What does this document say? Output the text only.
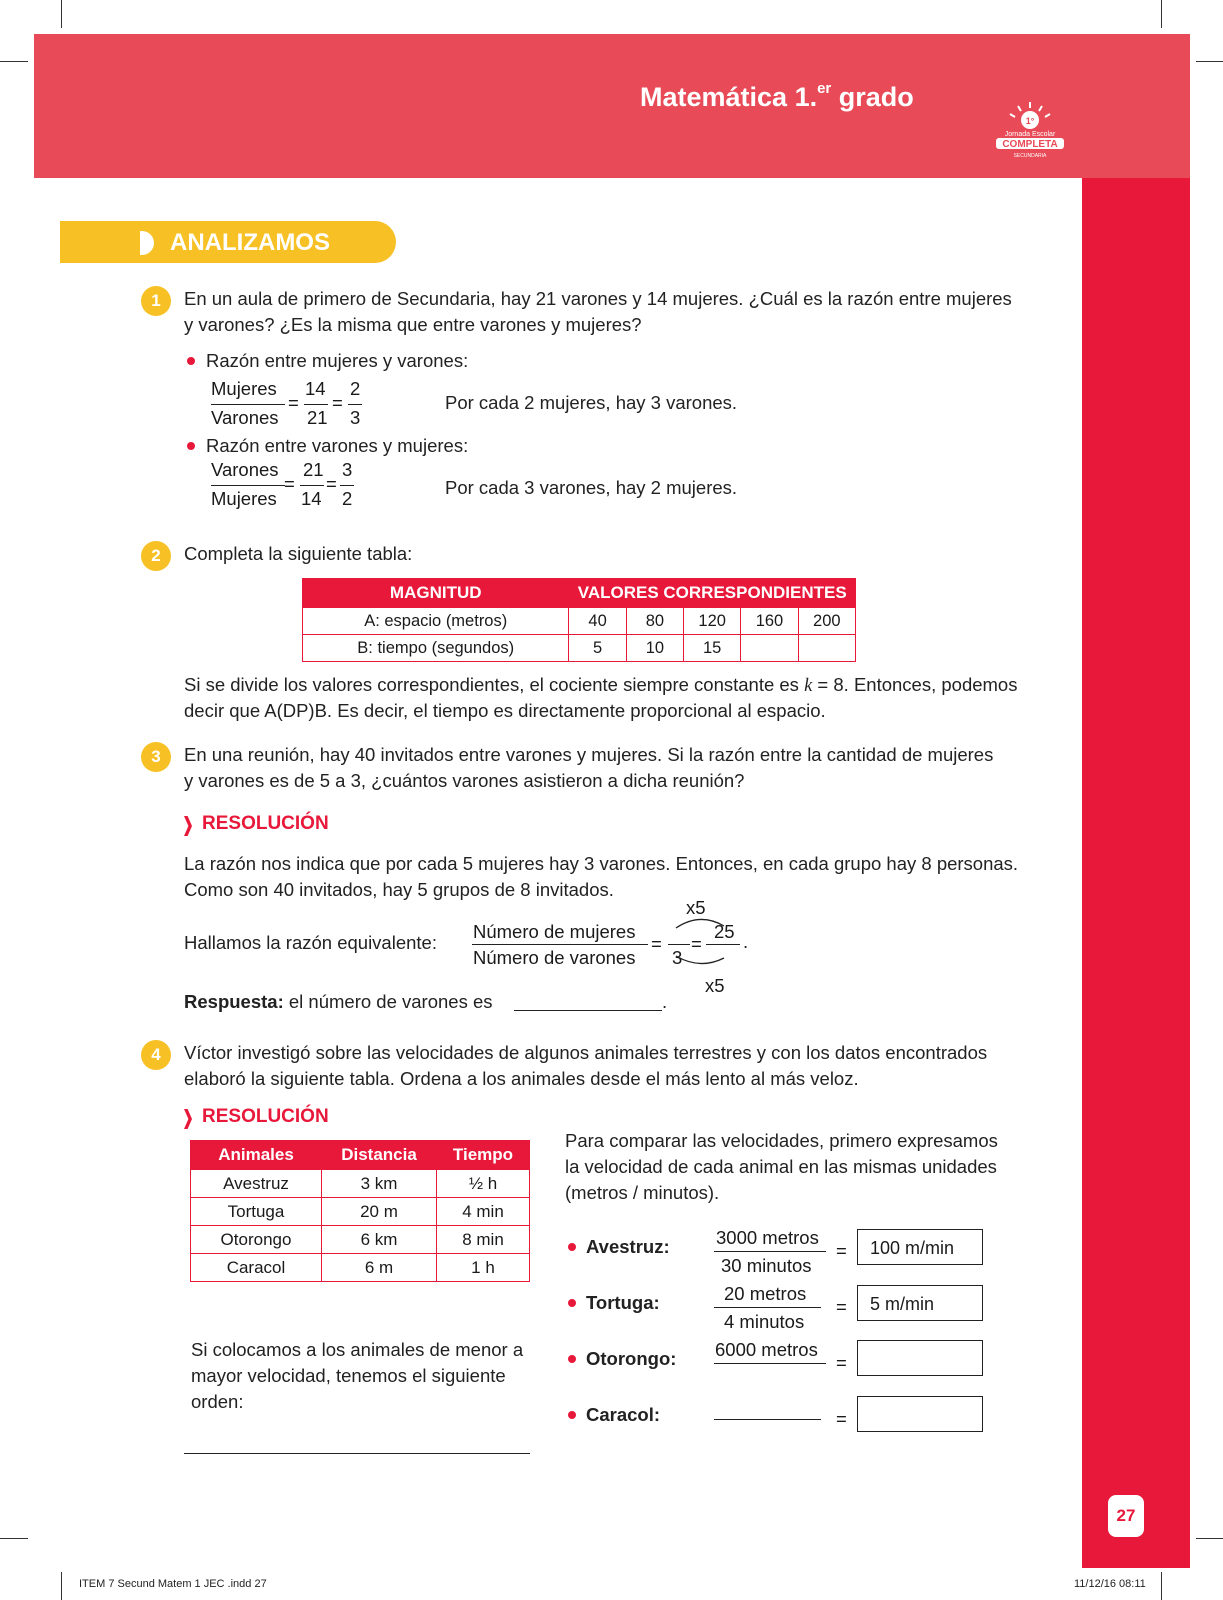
Matemática 1.$^{er}$ grado
1°
Jornada Escolar
COMPLETA
SECUNDARIA
27
ANALIZAMOS
1	En un aula de primero de Secundaria, hay 21 varones y 14 mujeres. ¿Cuál es la razón entre mujeres
y varones? ¿Es la misma que entre varones y mujeres?
Razón entre mujeres y varones:
Mujeres
Varones
=
14
21
=
2
3
Por cada 2 mujeres, hay 3 varones.
Razón entre varones y mujeres:
Varones
Mujeres
=
21
14
=
3
2
Por cada 3 varones, hay 2 mujeres.
2	Completa la siguiente tabla:
MAGNITUD	VALORES CORRESPONDIENTES				
A: espacio (metros)	40	80	120	160	200
B: tiempo (segundos)	5	10	15		
Si se divide los valores correspondientes, el cociente siempre constante es k = 8. Entonces, podemos
decir que A(DP)B. Es decir, el tiempo es directamente proporcional al espacio.
3	En una reunión, hay 40 invitados entre varones y mujeres. Si la razón entre la cantidad de mujeres
y varones es de 5 a 3, ¿cuántos varones asistieron a dicha reunión?
RESOLUCIÓN
La razón nos indica que por cada 5 mujeres hay 3 varones. Entonces, en cada grupo hay 8 personas.
Como son 40 invitados, hay 5 grupos de 8 invitados.
Hallamos la razón equivalente:
Número de mujeres
Número de varones
=
3
=
25 .
x5
x5
Respuesta: el número de varones es	.
4	Víctor investigó sobre las velocidades de algunos animales terrestres y con los datos encontrados
elaboró la siguiente tabla. Ordena a los animales desde el más lento al más veloz.
RESOLUCIÓN
Animales	Distancia	Tiempo
Avestruz	3 km	½ h
Tortuga	20 m	4 min
Otorongo	6 km	8 min
Caracol	6 m	1 h
Para comparar las velocidades, primero expresamos
la velocidad de cada animal en las mismas unidades
(metros / minutos).
Si colocamos a los animales de menor a
mayor velocidad, tenemos el siguiente
orden:
Avestruz:	3000 metros
30 minutos
=	100 m/min
Tortuga:	20 metros
4 minutos
=	5 m/min
Otorongo:	6000 metros
=
Caracol:	=
ITEM 7 Secund Matem 1 JEC .indd 27	11/12/16 08:11
